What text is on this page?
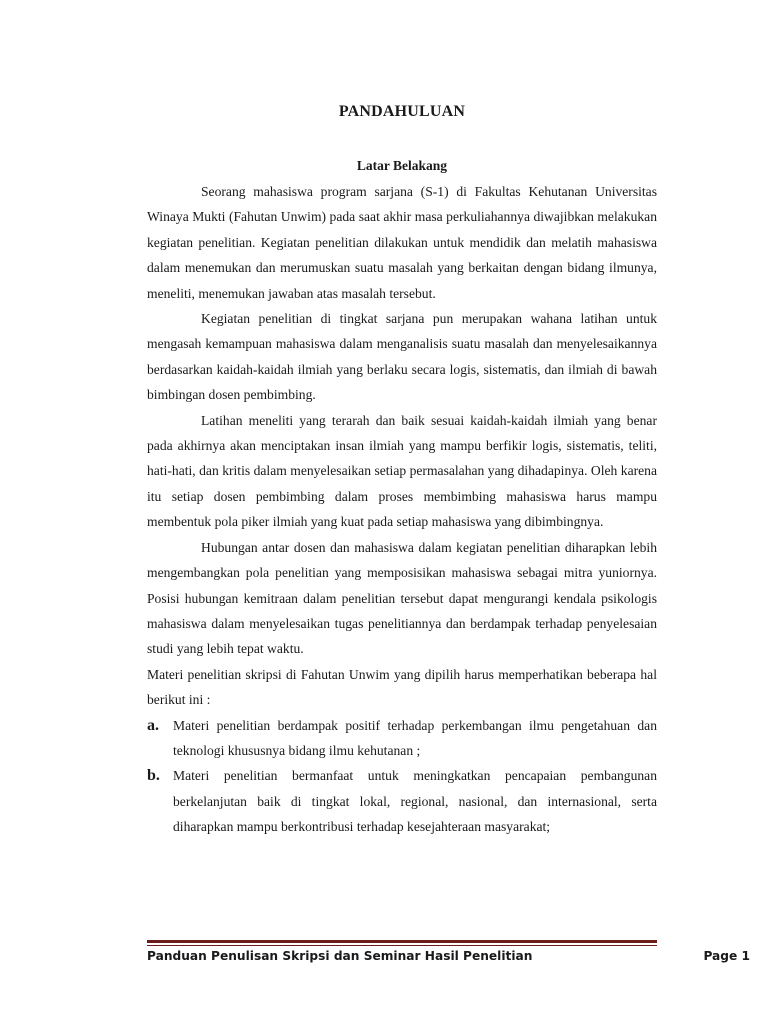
PANDAHULUAN
Latar Belakang

Seorang mahasiswa program sarjana (S-1) di Fakultas Kehutanan Universitas Winaya Mukti (Fahutan Unwim) pada saat akhir masa perkuliahannya diwajibkan melakukan kegiatan penelitian. Kegiatan penelitian dilakukan untuk mendidik dan melatih mahasiswa dalam menemukan dan merumuskan suatu masalah yang berkaitan dengan bidang ilmunya, meneliti, menemukan jawaban atas masalah tersebut.

Kegiatan penelitian di tingkat sarjana pun merupakan wahana latihan untuk mengasah kemampuan mahasiswa dalam menganalisis suatu masalah dan menyelesaikannya berdasarkan kaidah-kaidah ilmiah yang berlaku secara logis, sistematis, dan ilmiah di bawah bimbingan dosen pembimbing.

Latihan meneliti yang terarah dan baik sesuai kaidah-kaidah ilmiah yang benar pada akhirnya akan menciptakan insan ilmiah yang mampu berfikir logis, sistematis, teliti, hati-hati, dan kritis dalam menyelesaikan setiap permasalahan yang dihadapinya. Oleh karena itu setiap dosen pembimbing dalam proses membimbing mahasiswa harus mampu membentuk pola piker ilmiah yang kuat pada setiap mahasiswa yang dibimbingnya.

Hubungan antar dosen dan mahasiswa dalam kegiatan penelitian diharapkan lebih mengembangkan pola penelitian yang memposisikan mahasiswa sebagai mitra yuniornya. Posisi hubungan kemitraan dalam penelitian tersebut dapat mengurangi kendala psikologis mahasiswa dalam menyelesaikan tugas penelitiannya dan berdampak terhadap penyelesaian studi yang lebih tepat waktu.

Materi penelitian skripsi di Fahutan Unwim yang dipilih harus memperhatikan beberapa hal berikut ini :

a. Materi penelitian berdampak positif terhadap perkembangan ilmu pengetahuan dan teknologi khususnya bidang ilmu kehutanan ;
b. Materi penelitian bermanfaat untuk meningkatkan pencapaian pembangunan berkelanjutan baik di tingkat lokal, regional, nasional, dan internasional, serta diharapkan mampu berkontribusi terhadap kesejahteraan masyarakat;
Panduan Penulisan Skripsi dan Seminar Hasil Penelitian	Page 1
